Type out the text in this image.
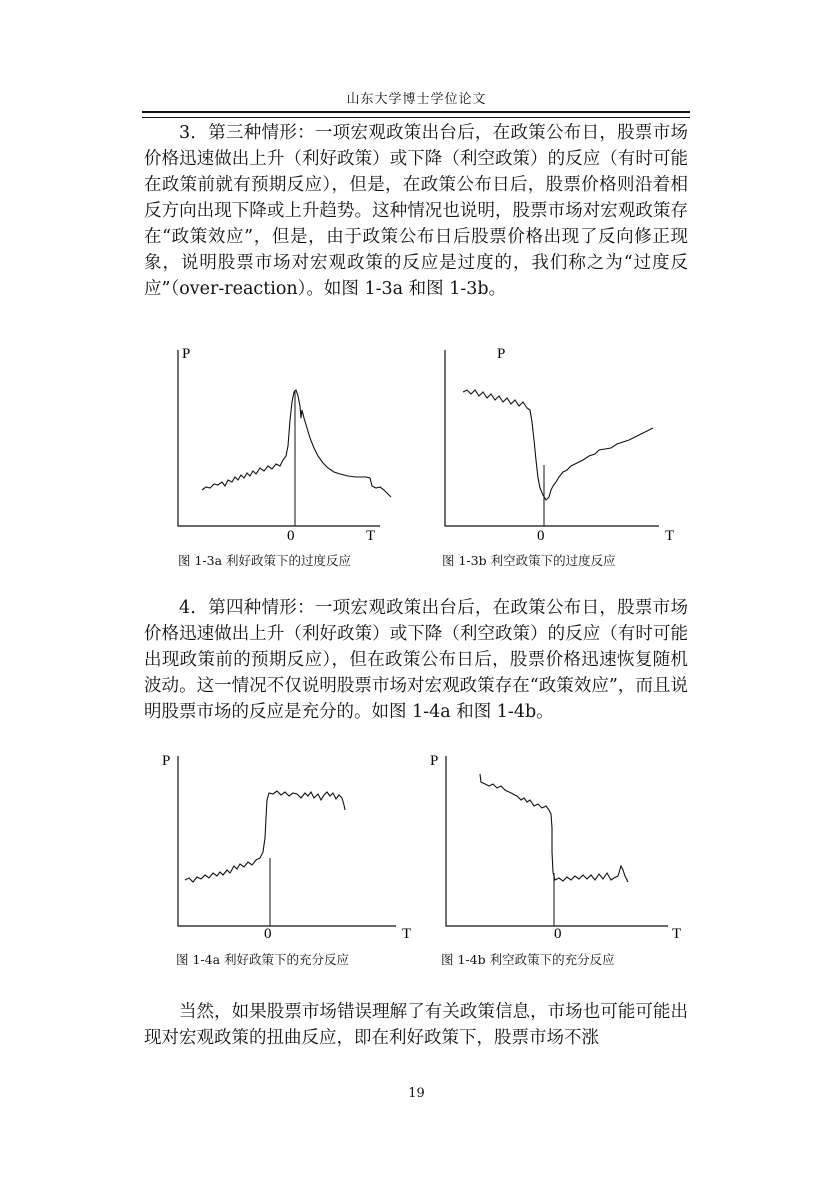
山东大学博士学位论文

3．第三种情形：一项宏观政策出台后，在政策公布日，股票市场价格迅速做出上升（利好政策）或下降（利空政策）的反应（有时可能在政策前就有预期反应），但是，在政策公布日后，股票价格则沿着相反方向出现下降或上升趋势。这种情况也说明，股票市场对宏观政策存在“政策效应”，但是，由于政策公布日后股票价格出现了反向修正现象，说明股票市场对宏观政策的反应是过度的，我们称之为“过度反应”（over-reaction）。如图 1-3a 和图 1-3b。

P
0	T
图 1-3a 利好政策下的过度反应
P
0	T
图 1-3b 利空政策下的过度反应

4．第四种情形：一项宏观政策出台后，在政策公布日，股票市场价格迅速做出上升（利好政策）或下降（利空政策）的反应（有时可能出现政策前的预期反应），但在政策公布日后，股票价格迅速恢复随机波动。这一情况不仅说明股票市场对宏观政策存在“政策效应”，而且说明股票市场的反应是充分的。如图 1-4a 和图 1-4b。

P
0	T
图 1-4a 利好政策下的充分反应
P
0	T
图 1-4b 利空政策下的充分反应

当然，如果股票市场错误理解了有关政策信息，市场也可能可能出现对宏观政策的扭曲反应，即在利好政策下，股票市场不涨

19
